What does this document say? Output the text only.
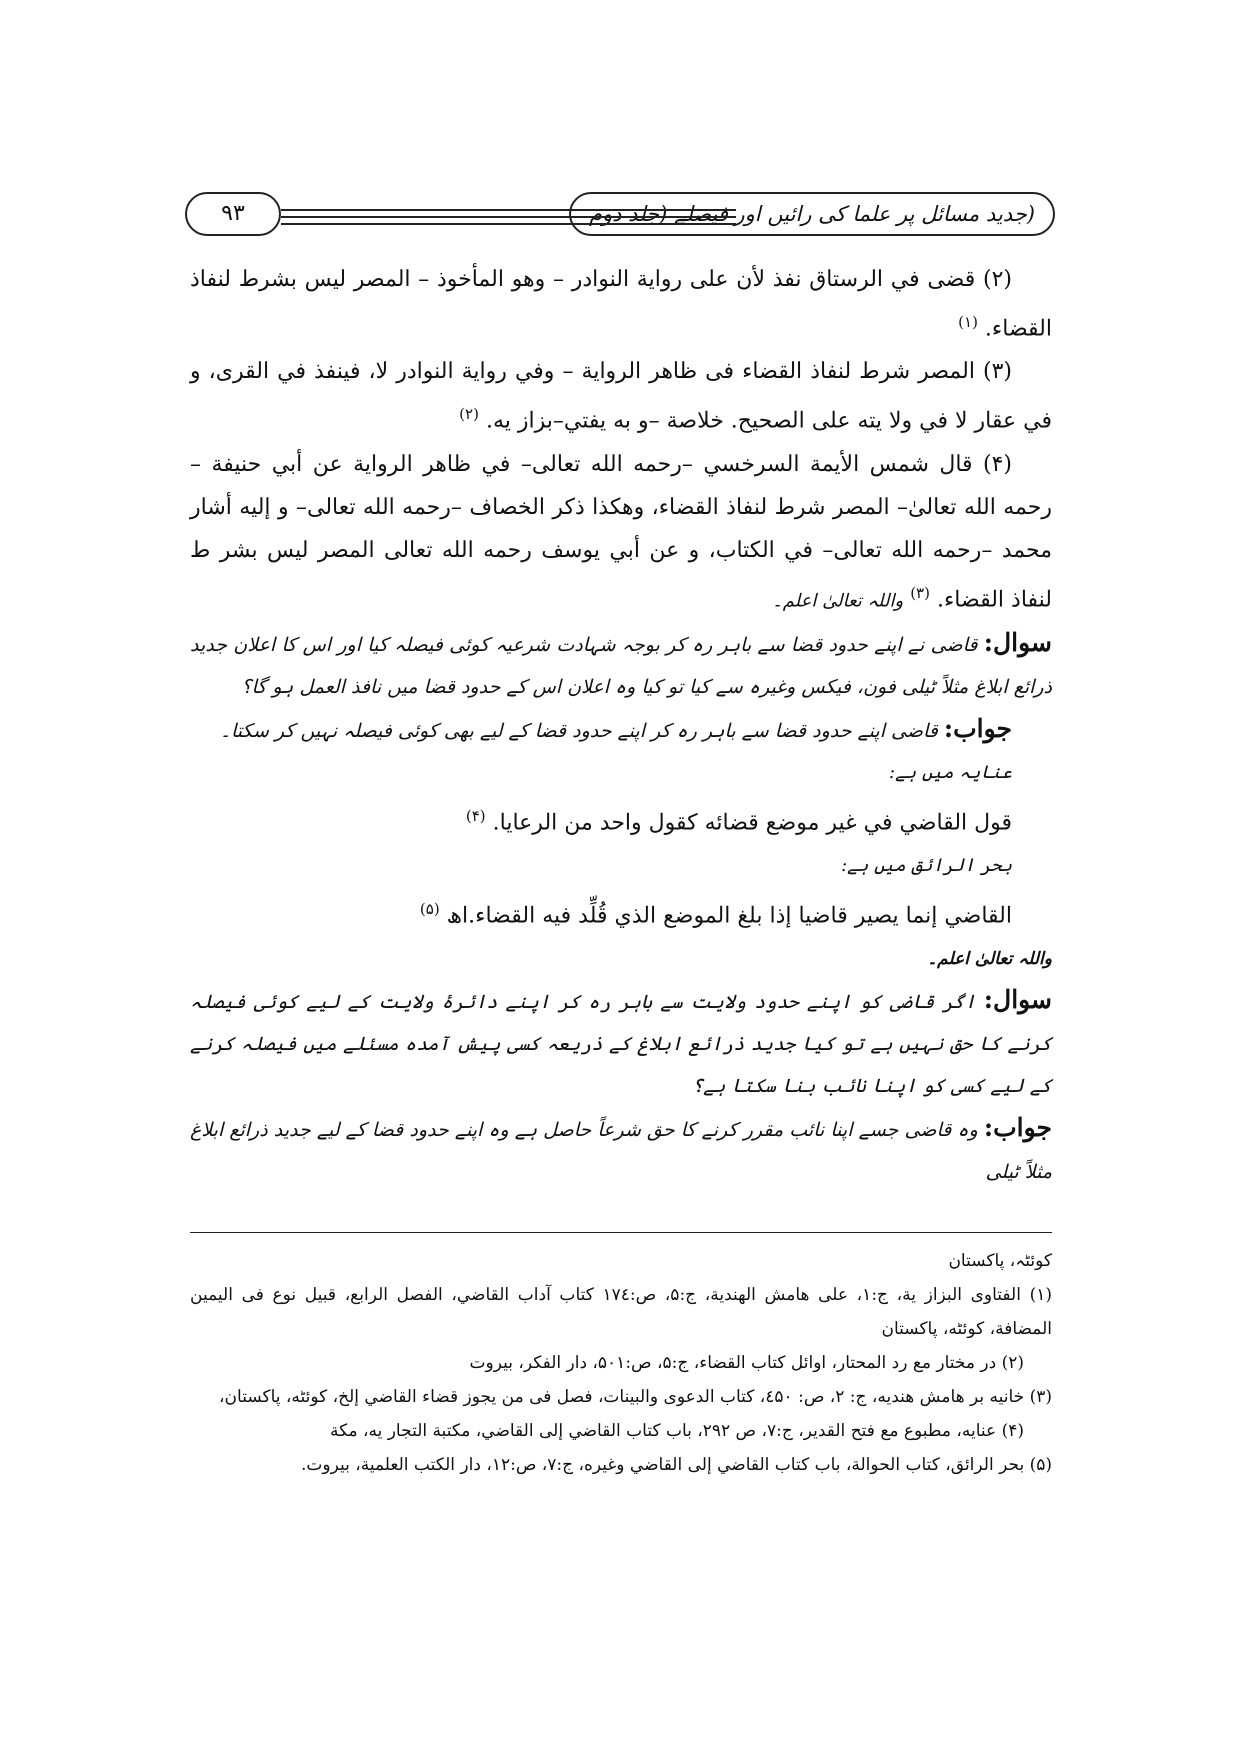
(جدید مسائل پر علما کی رائیں اور فیصلے (جلد دوم
۹۳

(۲) قضى في الرستاق نفذ لأن على رواية النوادر – وهو المأخوذ – المصر ليس بشرط لنفاذ القضاء. $^{(۱)}$

(۳) المصر شرط لنفاذ القضاء فى ظاهر الرواية – وفي رواية النوادر لا، فينفذ في القرى، و في عقار لا في ولا يته على الصحيح. خلاصة –و به يفتي–بزاز يه. $^{(۲)}$

(۴) قال شمس الأيمة السرخسي –رحمه الله تعالى– في ظاهر الرواية عن أبي حنيفة – رحمه الله تعالىٰ– المصر شرط لنفاذ القضاء، وهكذا ذكر الخصاف –رحمه الله تعالى– و إليه أشار محمد –رحمه الله تعالى– في الكتاب، و عن أبي يوسف رحمه الله تعالى المصر ليس بشر ط لنفاذ القضاء. $^{(۳)}$ واللہ تعالیٰ اعلم۔

سوال: قاضی نے اپنے حدود قضا سے باہر رہ کر بوجہ شہادت شرعیہ کوئی فیصلہ کیا اور اس کا اعلان جدید ذرائع ابلاغ مثلاً ٹیلی فون، فیکس وغیرہ سے کیا تو کیا وہ اعلان اس کے حدود قضا میں نافذ العمل ہو گا؟

جواب: قاضی اپنے حدود قضا سے باہر رہ کر اپنے حدود قضا کے لیے بھی کوئی فیصلہ نہیں کر سکتا۔

عنایہ میں ہے:

قول القاضي في غير موضع قضائه كقول واحد من الرعايا. $^{(۴)}$

بحر الرائق میں ہے:

القاضي إنما يصير قاضيا إذا بلغ الموضع الذي قُلِّد فيه القضاء.اھ $^{(۵)}$

واللہ تعالیٰ اعلم۔

سوال: اگر قاضی کو اپنے حدود ولایت سے باہر رہ کر اپنے دائرۂ ولایت کے لیے کوئی فیصلہ کرنے کا حق نہیں ہے تو کیا جدید ذرائع ابلاغ کے ذریعہ کسی پیش آمدہ مسئلے میں فیصلہ کرنے کے لیے کسی کو اپنا نائب بنا سکتا ہے؟

جواب: وہ قاضی جسے اپنا نائب مقرر کرنے کا حق شرعاً حاصل ہے وہ اپنے حدود قضا کے لیے جدید ذرائع ابلاغ مثلاً ٹیلی

کوئٹہ، پاکستان

(۱) الفتاوى البزاز ية، ج:۱، على هامش الهندية، ج:۵، ص:۱۷٤ كتاب آداب القاضي، الفصل الرابع، قبيل نوع فى اليمين المضافة، كوئٹه، پاكستان

(۲) در مختار مع رد المحتار، اوائل كتاب القضاء، ج:۵، ص:۵۰۱، دار الفكر، بيروت

(۳) خانيه بر هامش هنديه، ج: ۲، ص: ٤۵۰، كتاب الدعوى والبينات، فصل فى من يجوز قضاء القاضي إلخ، كوئٹه، پاكستان،

(۴) عنايه، مطبوع مع فتح القدير، ج:۷، ص ۲۹۲، باب كتاب القاضي إلى القاضي، مكتبة التجار يه، مكة

(۵) بحر الرائق، كتاب الحوالة، باب كتاب القاضي إلى القاضي وغيره، ج:۷، ص:۱۲، دار الكتب العلمية، بيروت.
